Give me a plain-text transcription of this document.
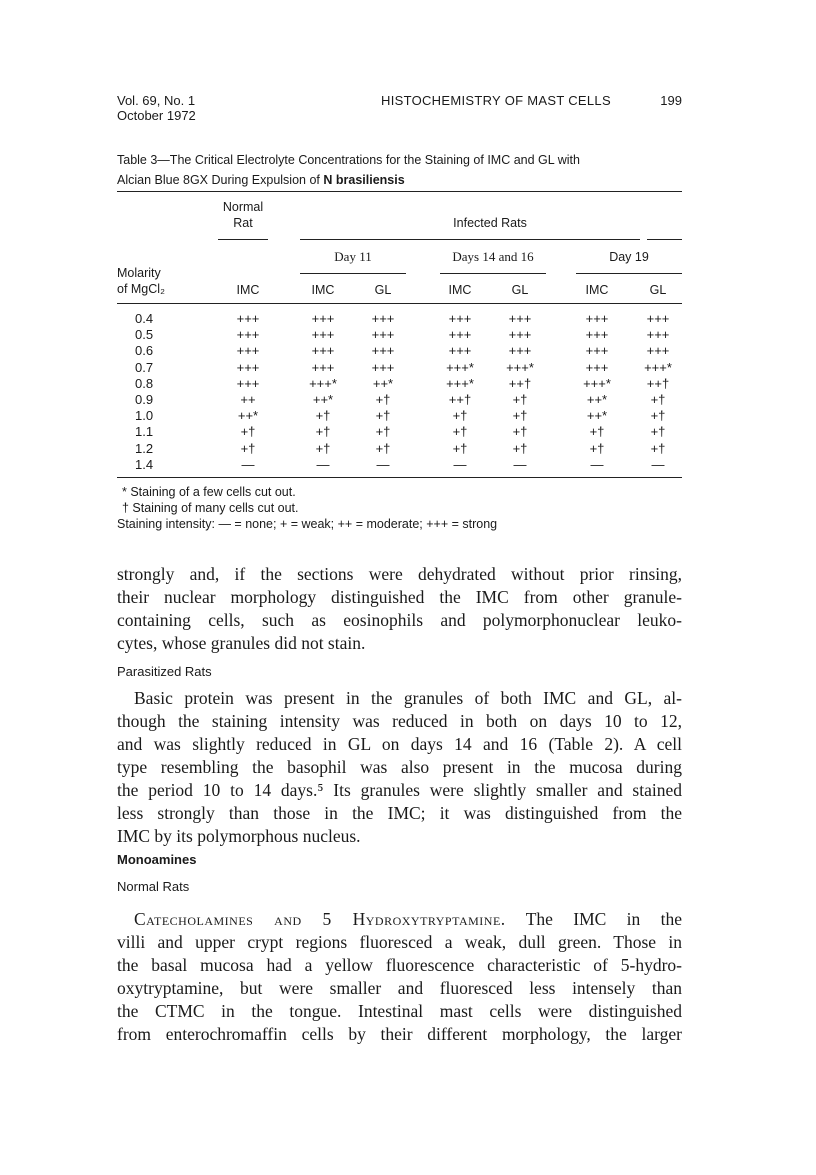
Vol. 69, No. 1
October 1972
HISTOCHEMISTRY OF MAST CELLS	199
Table 3—The Critical Electrolyte Concentrations for the Staining of IMC and GL with
Alcian Blue 8GX During Expulsion of N brasiliensis
Normal
Rat	Infected Rats
Day 11	Days 14 and 16	Day 19
Molarity
of MgCl₂	IMC	IMC	GL	IMC	GL	IMC	GL
0.4	+++	+++	+++	+++	+++	+++	+++
0.5	+++	+++	+++	+++	+++	+++	+++
0.6	+++	+++	+++	+++	+++	+++	+++
0.7	+++	+++	+++	+++*	+++*	+++	+++*
0.8	+++	+++*	++*	+++*	++†	+++*	++†
0.9	++	++*	+†	++†	+†	++*	+†
1.0	++*	+†	+†	+†	+†	++*	+†
1.1	+†	+†	+†	+†	+†	+†	+†
1.2	+†	+†	+†	+†	+†	+†	+†
1.4	—	—	—	—	—	—	—
* Staining of a few cells cut out.
† Staining of many cells cut out.
Staining intensity: — = none; + = weak; ++ = moderate; +++ = strong
strongly and, if the sections were dehydrated without prior rinsing,
their nuclear morphology distinguished the IMC from other granule-
containing cells, such as eosinophils and polymorphonuclear leuko-
cytes, whose granules did not stain.
Parasitized Rats
Basic protein was present in the granules of both IMC and GL, al-
though the staining intensity was reduced in both on days 10 to 12,
and was slightly reduced in GL on days 14 and 16 (Table 2). A cell
type resembling the basophil was also present in the mucosa during
the period 10 to 14 days.⁵ Its granules were slightly smaller and stained
less strongly than those in the IMC; it was distinguished from the
IMC by its polymorphous nucleus.
Monoamines
Normal Rats
Catecholamines and 5 Hydroxytryptamine. The IMC in the
villi and upper crypt regions fluoresced a weak, dull green. Those in
the basal mucosa had a yellow fluorescence characteristic of 5-hydro-
oxytryptamine, but were smaller and fluoresced less intensely than
the CTMC in the tongue. Intestinal mast cells were distinguished
from enterochromaffin cells by their different morphology, the larger
